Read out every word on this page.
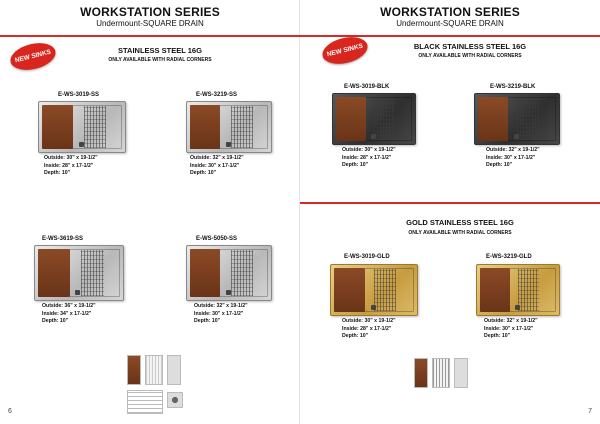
WORKSTATION SERIES
Undermount-SQUARE DRAIN
NEW SINKS	STAINLESS STEEL 16G
ONLY AVAILABLE WITH RADIAL CORNERS
E-WS-3019-SS
Outside: 30" x 19-1/2"
Inside: 28" x 17-1/2"
Depth: 10"
E-WS-3219-SS
Outside: 32" x 19-1/2"
Inside: 30" x 17-1/2"
Depth: 10"
E-WS-3619-SS
Outside: 36" x 19-1/2"
Inside: 34" x 17-1/2"
Depth: 10"
E-WS-5050-SS
Outside: 32" x 19-1/2"
Inside: 30" x 17-1/2"
Depth: 10"
6
WORKSTATION SERIES
Undermount-SQUARE DRAIN
NEW SINKS	BLACK STAINLESS STEEL 16G
ONLY AVAILABLE WITH RADIAL CORNERS
E-WS-3019-BLK
Outside: 30" x 19-1/2"
Inside: 28" x 17-1/2"
Depth: 10"
E-WS-3219-BLK
Outside: 32" x 19-1/2"
Inside: 30" x 17-1/2"
Depth: 10"
GOLD STAINLESS STEEL 16G
ONLY AVAILABLE WITH RADIAL CORNERS
E-WS-3019-GLD
Outside: 30" x 19-1/2"
Inside: 28" x 17-1/2"
Depth: 10"
E-WS-3219-GLD
Outside: 32" x 19-1/2"
Inside: 30" x 17-1/2"
Depth: 10"
7
